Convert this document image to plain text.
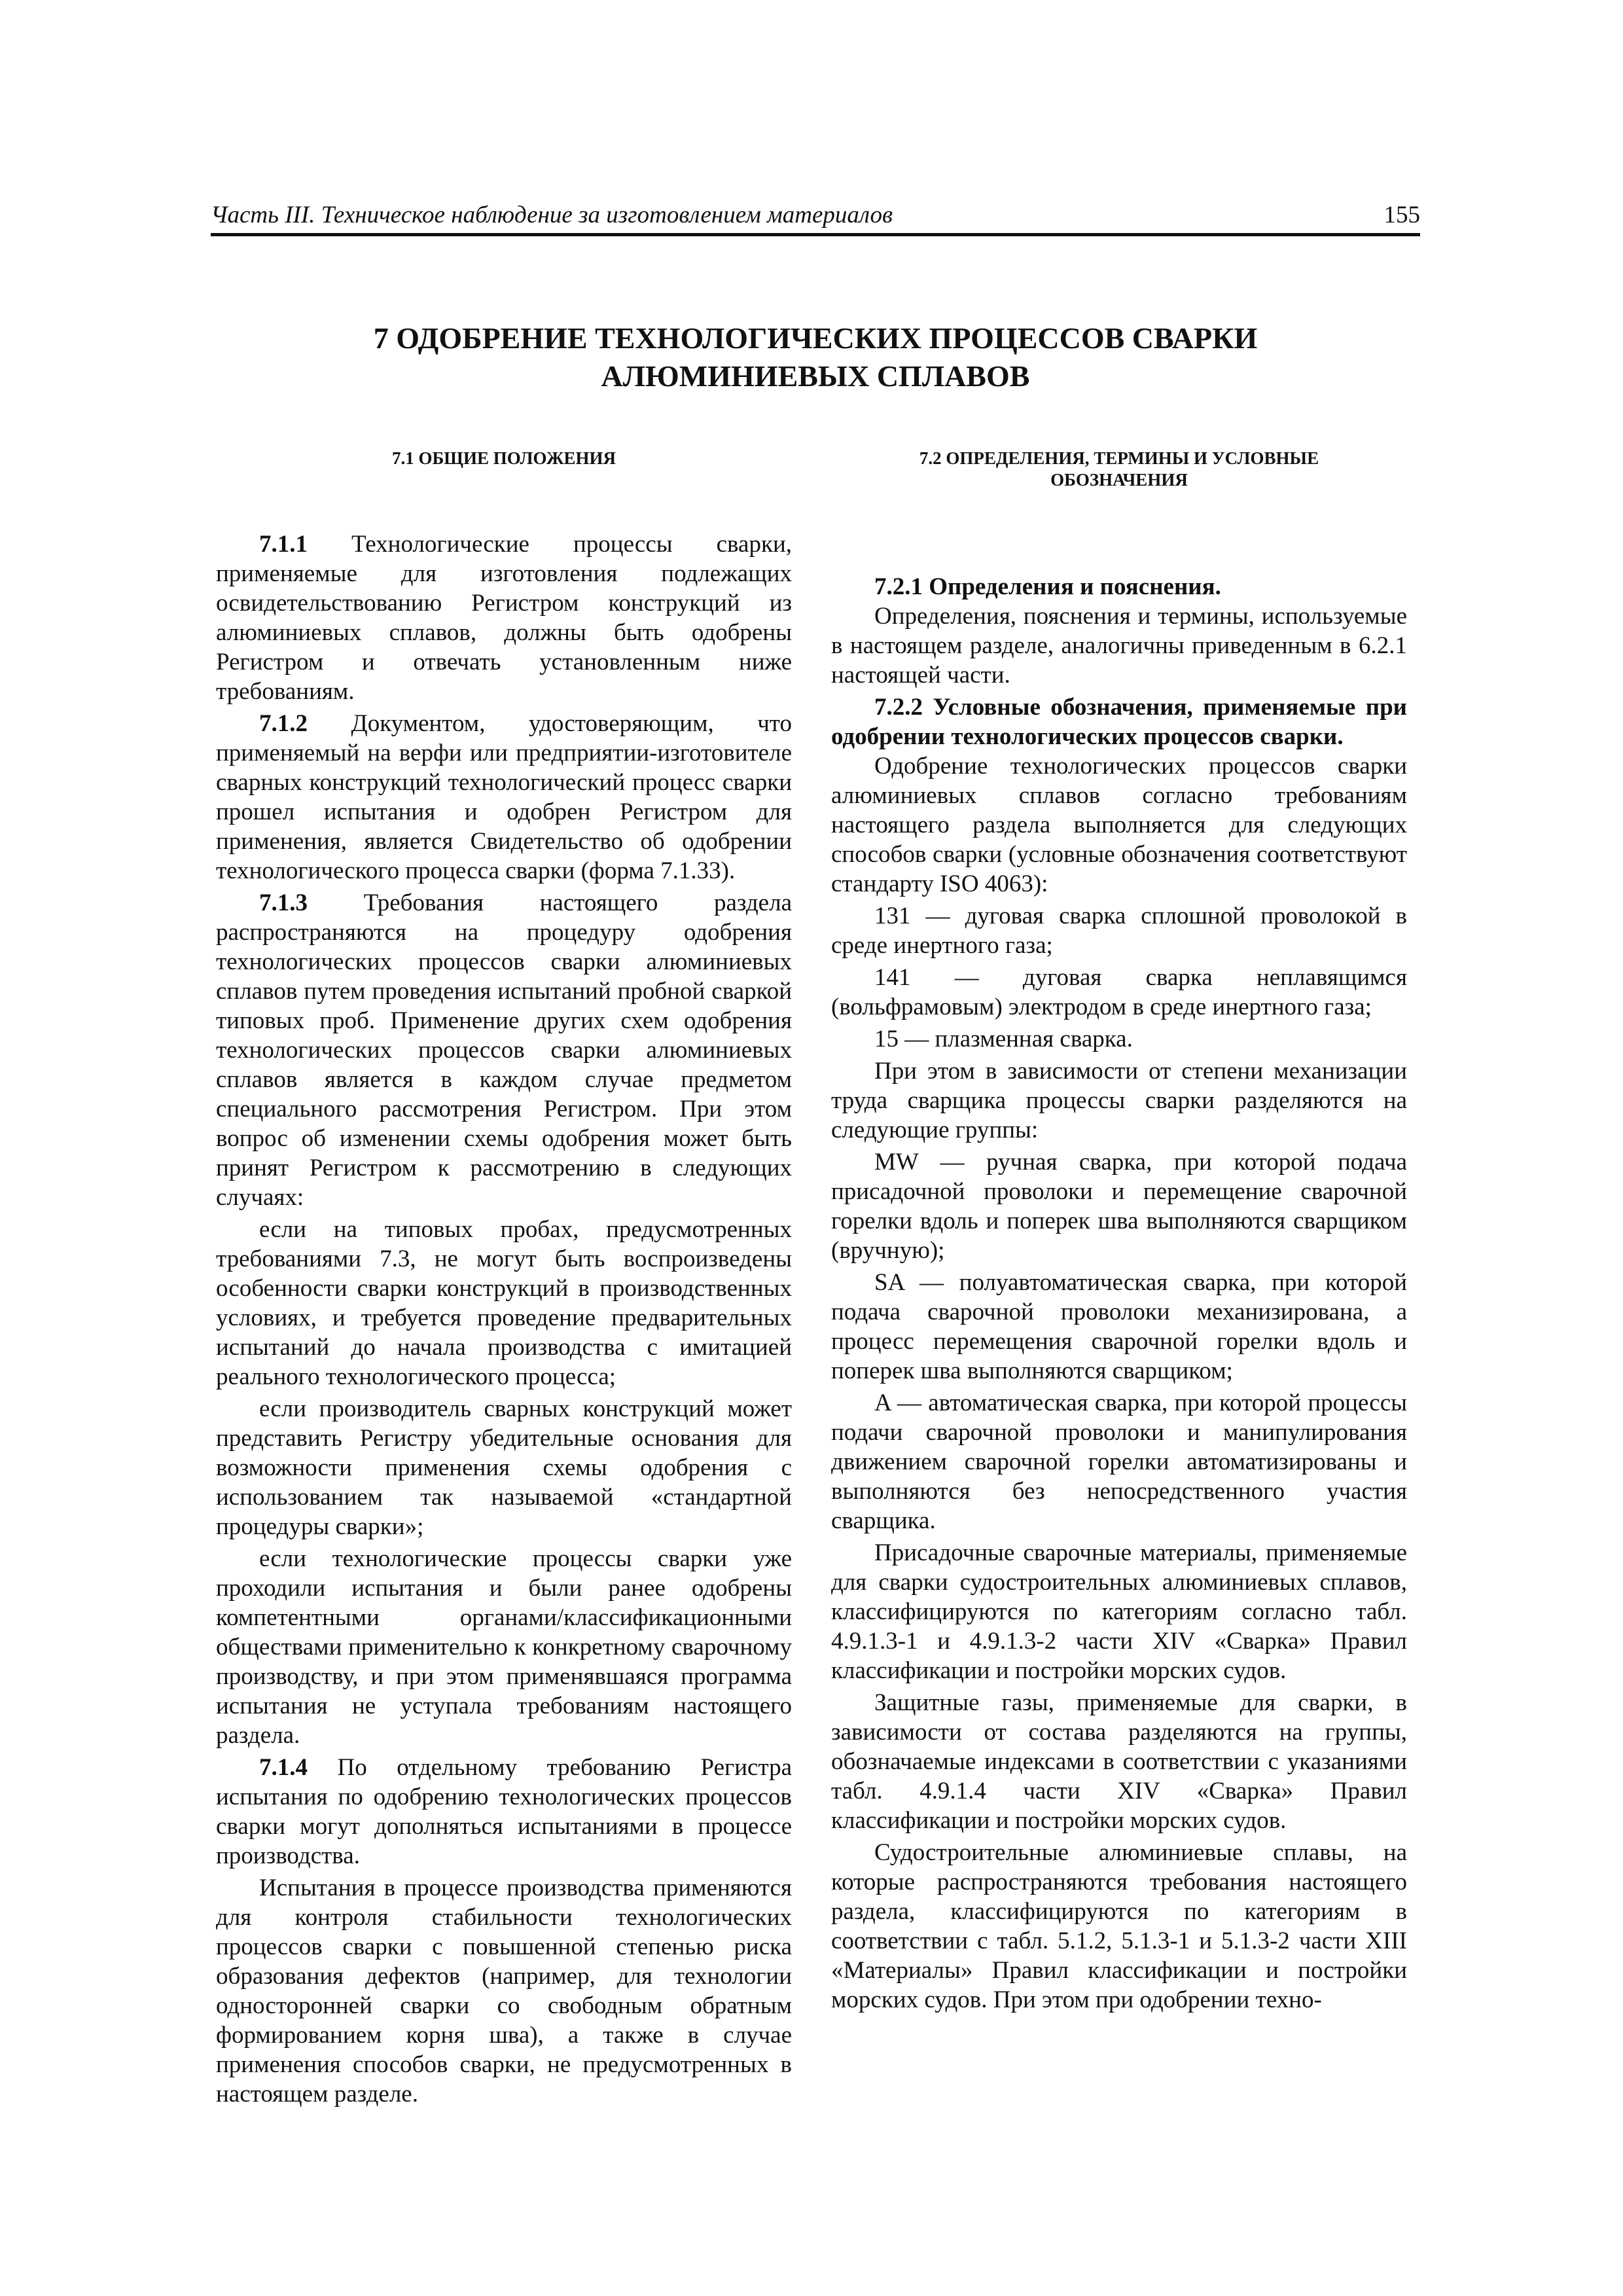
Часть III. Техническое наблюдение за изготовлением материалов	155
7 ОДОБРЕНИЕ ТЕХНОЛОГИЧЕСКИХ ПРОЦЕССОВ СВАРКИ
АЛЮМИНИЕВЫХ СПЛАВОВ
7.1 ОБЩИЕ ПОЛОЖЕНИЯ

7.1.1 Технологические процессы сварки, применяемые для изготовления подлежащих освидетельствованию Регистром конструкций из алюминиевых сплавов, должны быть одобрены Регистром и отвечать установленным ниже требованиям.

7.1.2 Документом, удостоверяющим, что применяемый на верфи или предприятии-изготовителе сварных конструкций технологический процесс сварки прошел испытания и одобрен Регистром для применения, является Свидетельство об одобрении технологического процесса сварки (форма 7.1.33).

7.1.3 Требования настоящего раздела распространяются на процедуру одобрения технологических процессов сварки алюминиевых сплавов путем проведения испытаний пробной сваркой типовых проб. Применение других схем одобрения технологических процессов сварки алюминиевых сплавов является в каждом случае предметом специального рассмотрения Регистром. При этом вопрос об изменении схемы одобрения может быть принят Регистром к рассмотрению в следующих случаях:

если на типовых пробах, предусмотренных требованиями 7.3, не могут быть воспроизведены особенности сварки конструкций в производственных условиях, и требуется проведение предварительных испытаний до начала производства с имитацией реального технологического процесса;

если производитель сварных конструкций может представить Регистру убедительные основания для возможности применения схемы одобрения с использованием так называемой «стандартной процедуры сварки»;

если технологические процессы сварки уже проходили испытания и были ранее одобрены компетентными органами/классификационными обществами применительно к конкретному сварочному производству, и при этом применявшаяся программа испытания не уступала требованиям настоящего раздела.

7.1.4 По отдельному требованию Регистра испытания по одобрению технологических процессов сварки могут дополняться испытаниями в процессе производства.

Испытания в процессе производства применяются для контроля стабильности технологических процессов сварки с повышенной степенью риска образования дефектов (например, для технологии односторонней сварки со свободным обратным формированием корня шва), а также в случае применения способов сварки, не предусмотренных в настоящем разделе.

7.2 ОПРЕДЕЛЕНИЯ, ТЕРМИНЫ И УСЛОВНЫЕ
ОБОЗНАЧЕНИЯ
7.2.1 Определения и пояснения.

Определения, пояснения и термины, используемые в настоящем разделе, аналогичны приведенным в 6.2.1 настоящей части.

7.2.2 Условные обозначения, применяемые при одобрении технологических процессов сварки.

Одобрение технологических процессов сварки алюминиевых сплавов согласно требованиям настоящего раздела выполняется для следующих способов сварки (условные обозначения соответствуют стандарту ISO 4063):

131 — дуговая сварка сплошной проволокой в среде инертного газа;

141 — дуговая сварка неплавящимся (вольфрамовым) электродом в среде инертного газа;

15 — плазменная сварка.

При этом в зависимости от степени механизации труда сварщика процессы сварки разделяются на следующие группы:

MW — ручная сварка, при которой подача присадочной проволоки и перемещение сварочной горелки вдоль и поперек шва выполняются сварщиком (вручную);

SA — полуавтоматическая сварка, при которой подача сварочной проволоки механизирована, а процесс перемещения сварочной горелки вдоль и поперек шва выполняются сварщиком;

A — автоматическая сварка, при которой процессы подачи сварочной проволоки и манипулирования движением сварочной горелки автоматизированы и выполняются без непосредственного участия сварщика.

Присадочные сварочные материалы, применяемые для сварки судостроительных алюминиевых сплавов, классифицируются по категориям согласно табл. 4.9.1.3-1 и 4.9.1.3-2 части XIV «Сварка» Правил классификации и постройки морских судов.

Защитные газы, применяемые для сварки, в зависимости от состава разделяются на группы, обозначаемые индексами в соответствии с указаниями табл. 4.9.1.4 части XIV «Сварка» Правил классификации и постройки морских судов.

Судостроительные алюминиевые сплавы, на которые распространяются требования настоящего раздела, классифицируются по категориям в соответствии с табл. 5.1.2, 5.1.3-1 и 5.1.3-2 части XIII «Материалы» Правил классификации и постройки морских судов. При этом при одобрении техно-
